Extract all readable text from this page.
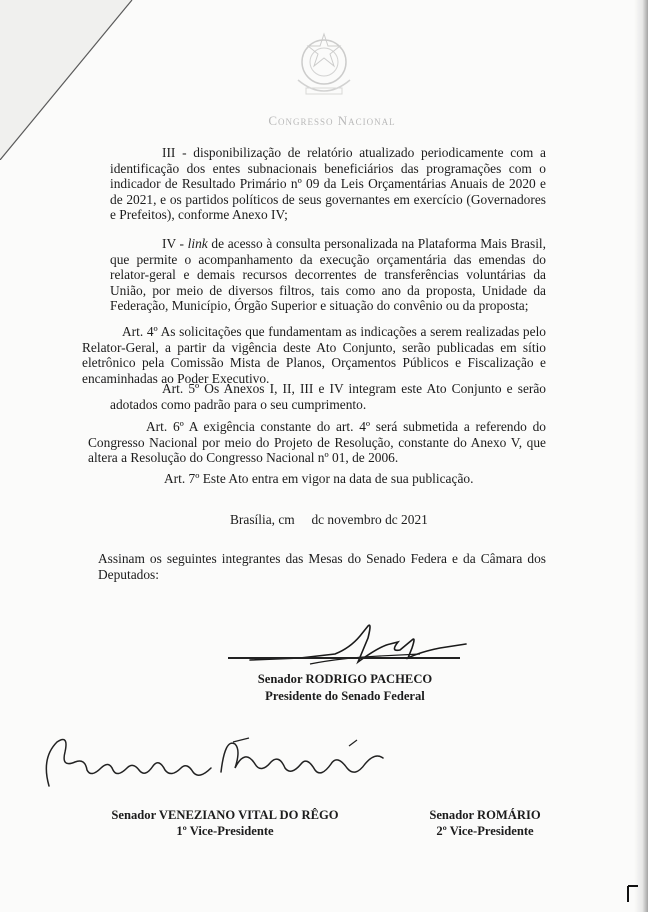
Congresso Nacional

III - disponibilização de relatório atualizado periodicamente com a identificação dos entes subnacionais beneficiários das programações com o indicador de Resultado Primário nº 09 da Leis Orçamentárias Anuais de 2020 e de 2021, e os partidos políticos de seus governantes em exercício (Governadores e Prefeitos), conforme Anexo IV;

IV - link de acesso à consulta personalizada na Plataforma Mais Brasil, que permite o acompanhamento da execução orçamentária das emendas do relator-geral e demais recursos decorrentes de transferências voluntárias da União, por meio de diversos filtros, tais como ano da proposta, Unidade da Federação, Município, Órgão Superior e situação do convênio ou da proposta;

Art. 4º As solicitações que fundamentam as indicações a serem realizadas pelo Relator-Geral, a partir da vigência deste Ato Conjunto, serão publicadas em sítio eletrônico pela Comissão Mista de Planos, Orçamentos Públicos e Fiscalização e encaminhadas ao Poder Executivo.

Art. 5º Os Anexos I, II, III e IV integram este Ato Conjunto e serão adotados como padrão para o seu cumprimento.

Art. 6º A exigência constante do art. 4º será submetida a referendo do Congresso Nacional por meio do Projeto de Resolução, constante do Anexo V, que altera a Resolução do Congresso Nacional nº 01, de 2006.

Art. 7º Este Ato entra em vigor na data de sua publicação.

Brasília, cm     dc novembro dc 2021

Assinam os seguintes integrantes das Mesas do Senado Federa e da Câmara dos Deputados:

Senador RODRIGO PACHECO

Presidente do Senado Federal

Senador VENEZIANO VITAL DO RÊGO

1º Vice-Presidente

Senador ROMÁRIO

2º Vice-Presidente
